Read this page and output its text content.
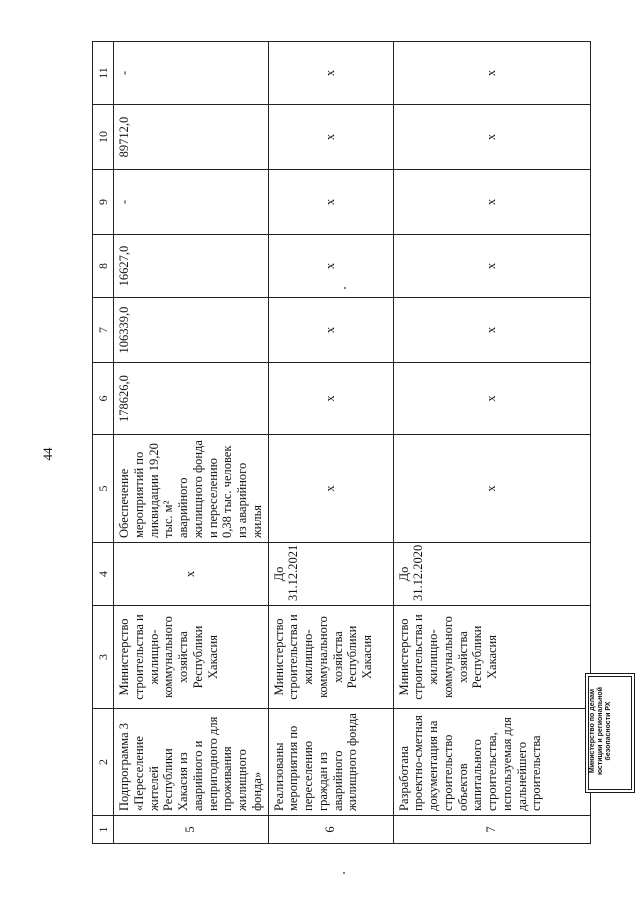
44
1	2	3	4	5	6	7	8	9	10	11
5	Подпрограмма 3 «Переселение жителей Республики Хакасия из аварийного и непригодного для проживания жилищного фонда»	Министерство строительства и жилищно-коммунального хозяйства Республики Хакасия	x	Обеспечение мероприятий по ликвидации 19,20 тыс. м² аварийного жилищного фонда и переселению 0,38 тыс. человек из аварийного жилья	178626,0	106339,0	16627,0	-	89712,0	-
6	Реализованы мероприятия по переселению граждан из аварийного жилищного фонда	Министерство строительства и жилищно-коммунального хозяйства Республики Хакасия	До 31.12.2021	x	x	x	x	x	x	x
7	Разработана проектно-сметная документация на строительство объектов капитального строительства, используемая для дальнейшего строительства	Министерство строительства и жилищно-коммунального хозяйства Республики Хакасия	До 31.12.2020	x	x	x	x	x	x	x
Министерство по делам юстиции и региональной безопасности РХ
